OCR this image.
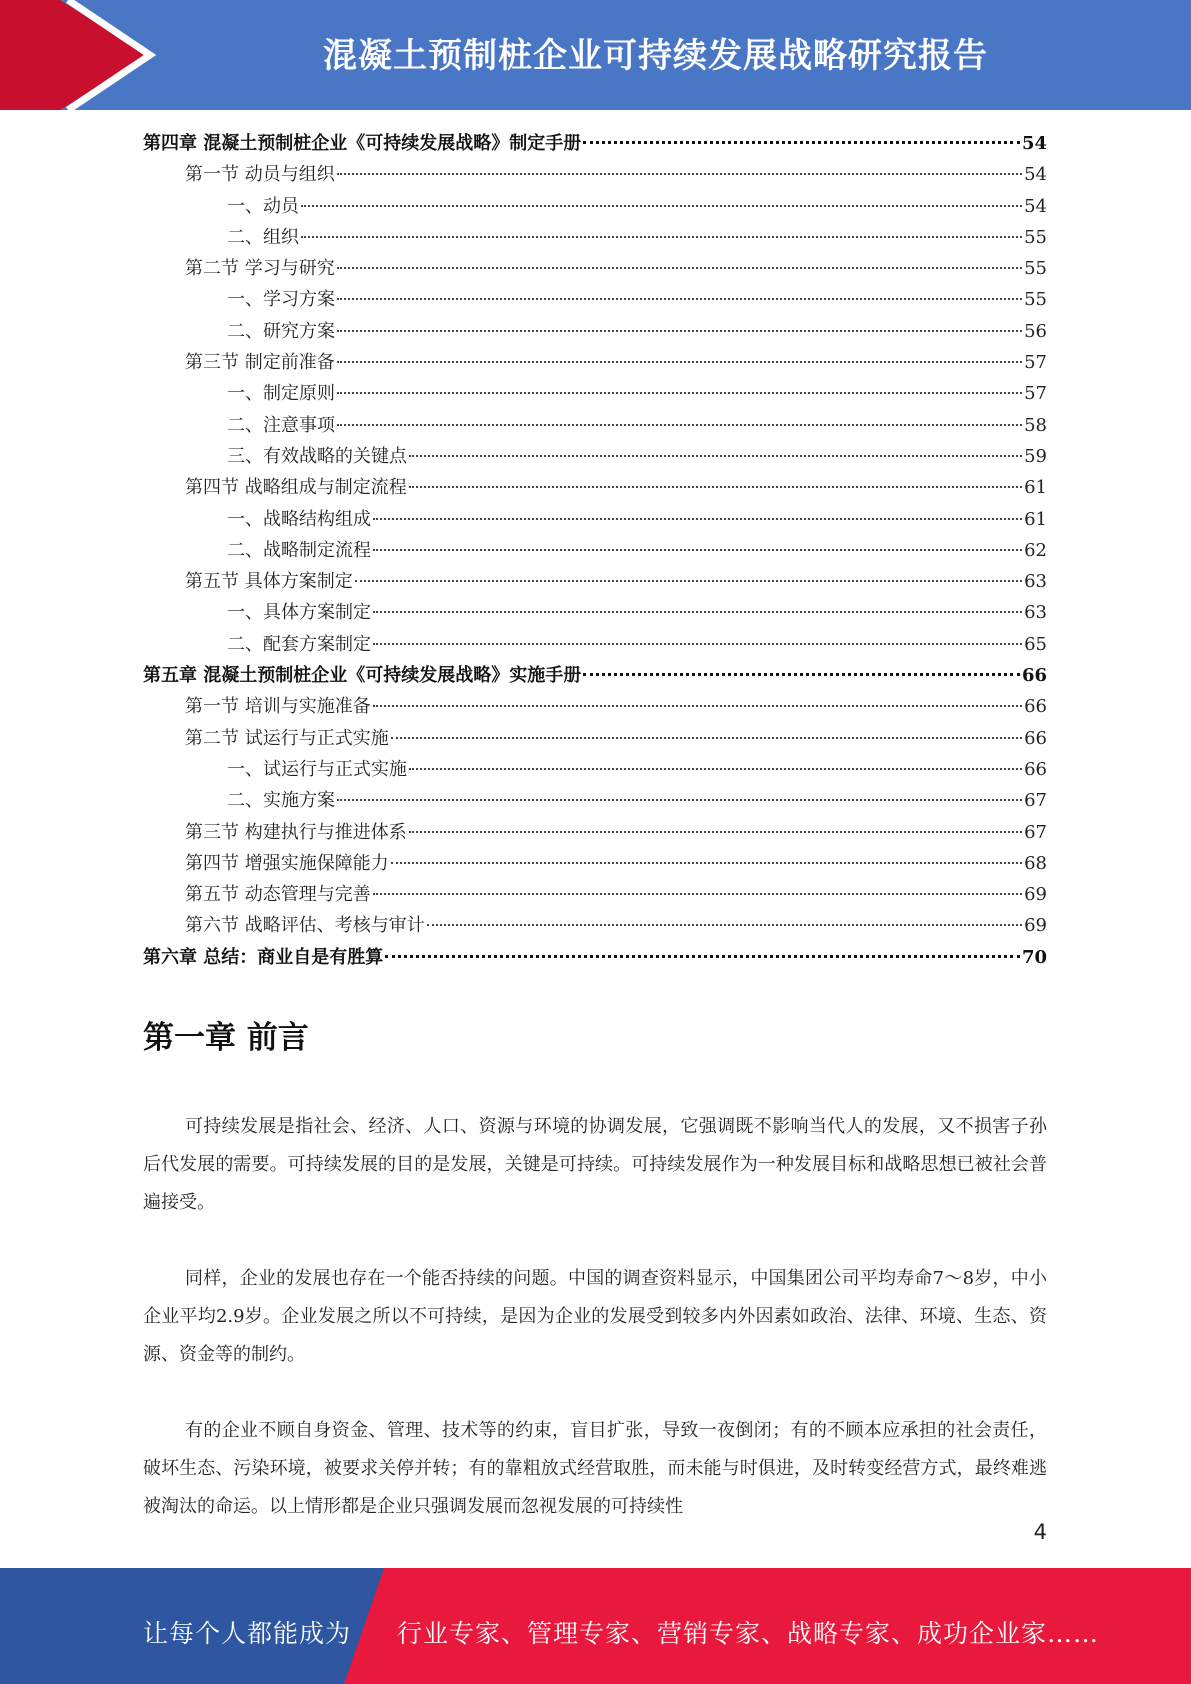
混凝土预制桩企业可持续发展战略研究报告
第四章 混凝土预制桩企业《可持续发展战略》制定手册	54
第一节 动员与组织	54
一、动员	54
二、组织	55
第二节 学习与研究	55
一、学习方案	55
二、研究方案	56
第三节 制定前准备	57
一、制定原则	57
二、注意事项	58
三、有效战略的关键点	59
第四节 战略组成与制定流程	61
一、战略结构组成	61
二、战略制定流程	62
第五节 具体方案制定	63
一、具体方案制定	63
二、配套方案制定	65
第五章 混凝土预制桩企业《可持续发展战略》实施手册	66
第一节 培训与实施准备	66
第二节 试运行与正式实施	66
一、试运行与正式实施	66
二、实施方案	67
第三节 构建执行与推进体系	67
第四节 增强实施保障能力	68
第五节 动态管理与完善	69
第六节 战略评估、考核与审计	69
第六章 总结：商业自是有胜算	70
第一章 前言

可持续发展是指社会、经济、人口、资源与环境的协调发展，它强调既不影响当代人的发展，又不损害子孙后代发展的需要。可持续发展的目的是发展，关键是可持续。可持续发展作为一种发展目标和战略思想已被社会普遍接受。

同样，企业的发展也存在一个能否持续的问题。中国的调查资料显示，中国集团公司平均寿命7～8岁，中小企业平均2.9岁。企业发展之所以不可持续，是因为企业的发展受到较多内外因素如政治、法律、环境、生态、资源、资金等的制约。

有的企业不顾自身资金、管理、技术等的约束，盲目扩张，导致一夜倒闭；有的不顾本应承担的社会责任，破坏生态、污染环境，被要求关停并转；有的靠粗放式经营取胜，而未能与时俱进，及时转变经营方式，最终难逃被淘汰的命运。以上情形都是企业只强调发展而忽视发展的可持续性

4
让每个人都能成为 行业专家、管理专家、营销专家、战略专家、成功企业家……
